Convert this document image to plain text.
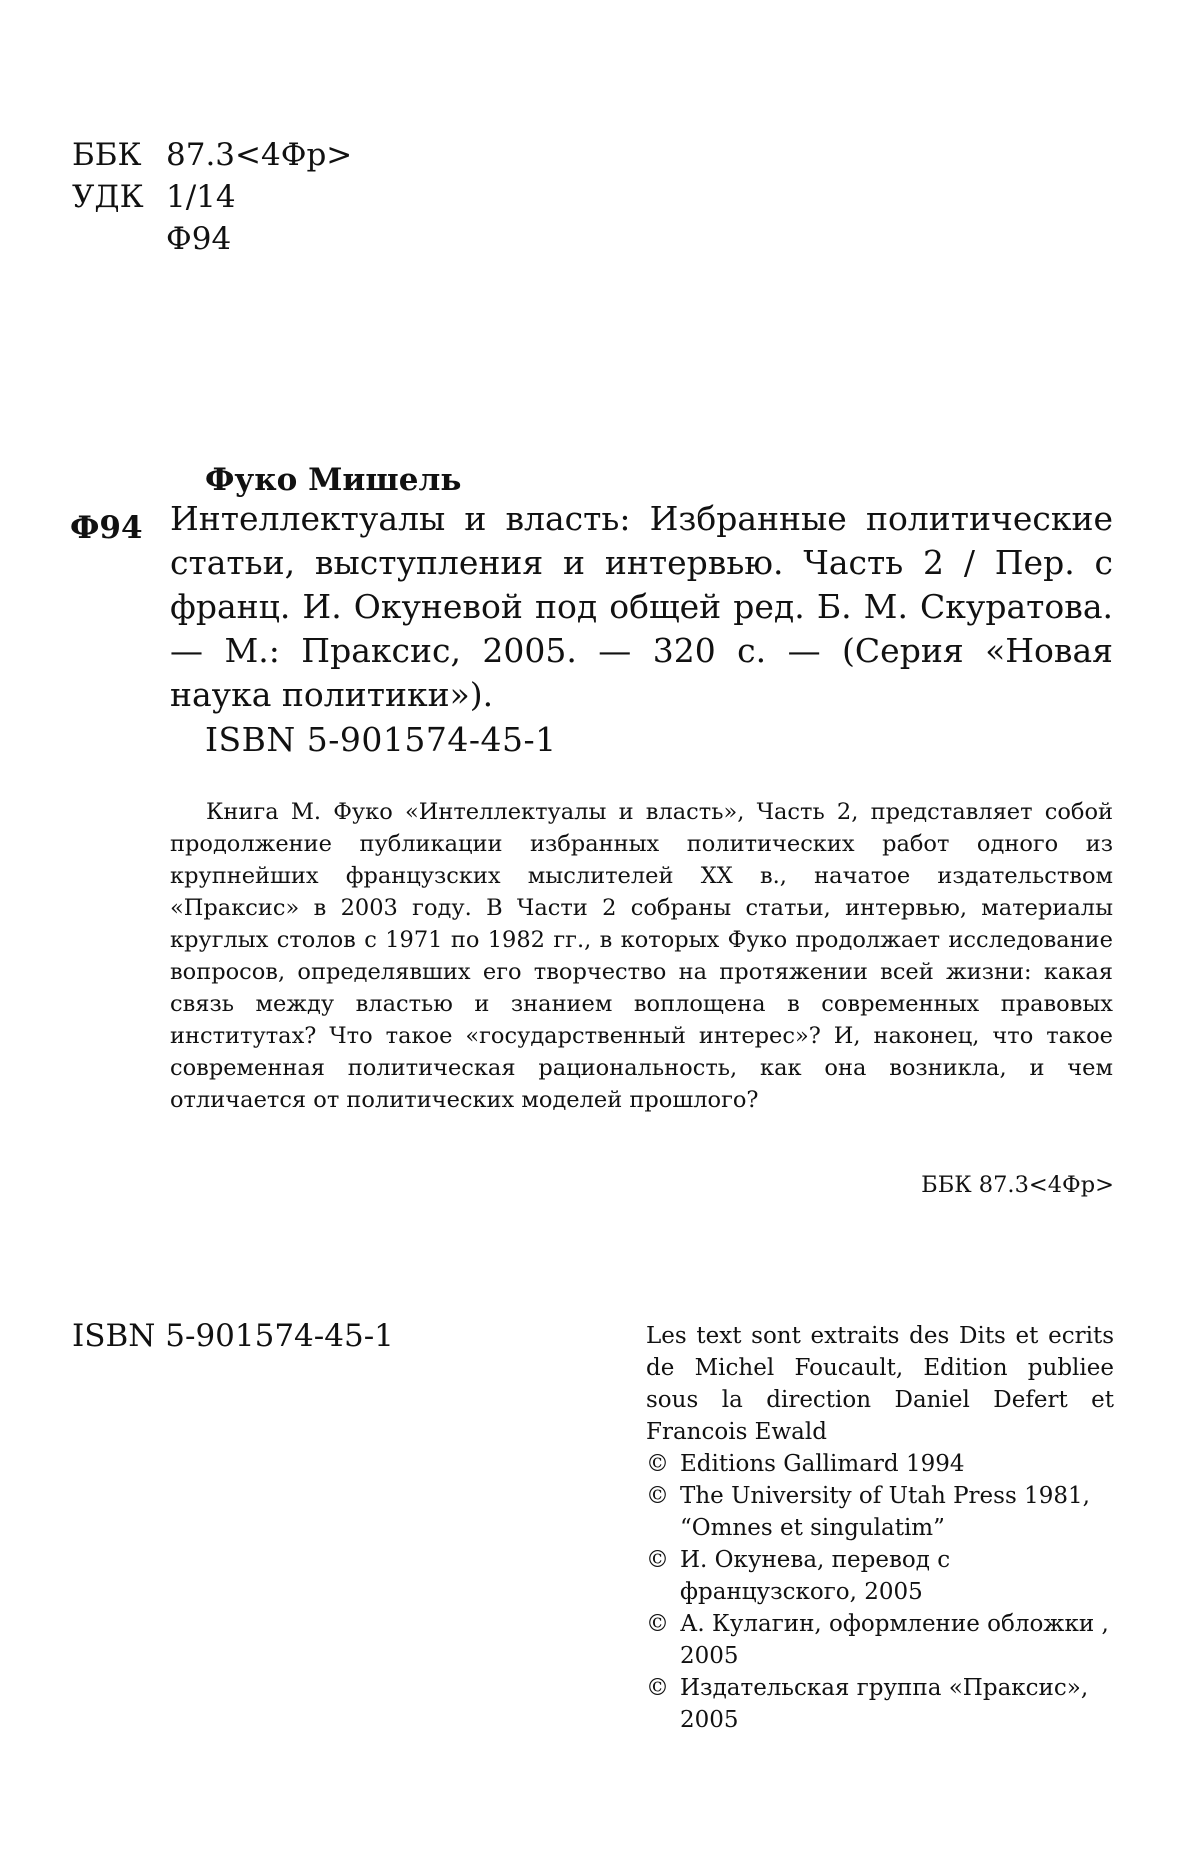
ББК 87.3<4Фр>
УДК 1/14
Ф94
Фуко Мишель
Ф94 Интеллектуалы и власть: Избранные политические статьи, выступления и интервью. Часть 2 / Пер. с франц. И. Окуневой под общей ред. Б. М. Скуратова. — М.: Праксис, 2005. — 320 с. — (Серия «Новая наука политики»).
ISBN 5-901574-45-1
Книга М. Фуко «Интеллектуалы и власть», Часть 2, представляет собой продолжение публикации избранных политических работ одного из крупнейших французских мыслителей XX в., начатое издательством «Праксис» в 2003 году. В Части 2 собраны статьи, интервью, материалы круглых столов с 1971 по 1982 гг., в которых Фуко продолжает исследование вопросов, определявших его творчество на протяжении всей жизни: какая связь между властью и знанием воплощена в современных правовых институтах? Что такое «государственный интерес»? И, наконец, что такое современная политическая рациональность, как она возникла, и чем отличается от политических моделей прошлого?
ББК 87.3<4Фр>
ISBN 5-901574-45-1	Les text sont extraits des Dits et ecrits de Michel Foucault, Edition publiee sous la direction Daniel Defert et Francois Ewald
© Editions Gallimard 1994
© The University of Utah Press 1981, “Omnes et singulatim”
© И. Окунева, перевод с французского, 2005
© А. Кулагин, оформление обложки , 2005
© Издательская группа «Праксис», 2005
